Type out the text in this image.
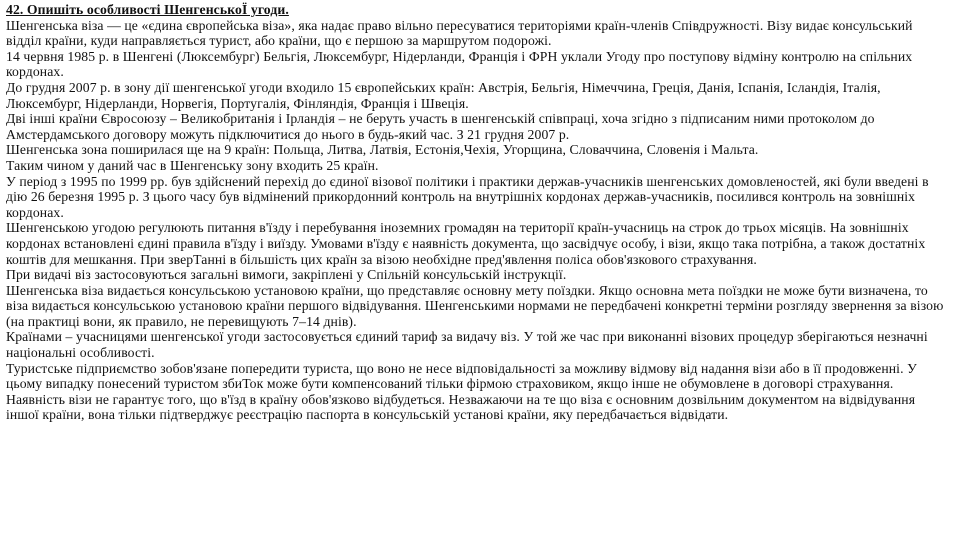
42. Опишіть особливості ШенгенськоЇ угоди.

Шенгенська віза — це «єдина європейська віза», яка надає право вільно пересуватися територіями країн-членів Співдружності. Візу видає консульський відділ країни, куди направляється турист, або країни, що є першою за маршрутом подорожі.

14 червня 1985 р. в Шенгені (Люксембург) Бельгія, Люксембург, Нідерланди, Франція і ФРН уклали Угоду про поступову відміну контролю на спільних кордонах.

До грудня 2007 р. в зону дії шенгенської угоди входило 15 європейських країн: Австрія, Бельгія, Німеччина, Греція, Данія, Іспанія, Ісландія, Італія, Люксембург, Нідерланди, Норвегія, Португалія, Фінляндія, Франція і Швеція.

Дві інші країни Євросоюзу – Великобританія і Ірландія – не беруть участь в шенгенській співпраці, хоча згідно з підписаним ними протоколом до Амстердамського договору можуть підключитися до нього в будь-який час. З 21 грудня 2007 р.

Шенгенська зона поширилася ще на 9 країн: Польща, Литва, Латвія, Естонія,Чехія, Угорщина, Словаччина, Словенія і Мальта.

Таким чином у даний час в Шенгенську зону входить 25 країн.

У період з 1995 по 1999 рр. був здійснений перехід до єдиної візової політики і практики держав-учасників шенгенських домовленостей, які були введені в дію 26 березня 1995 р. З цього часу був відмінений прикордонний контроль на внутрішніх кордонах держав-учасників, посилився контроль на зовнішніх кордонах.

Шенгенською угодою регулюють питання в'їзду і перебування іноземних громадян на території країн-учасниць на строк до трьох місяців. На зовнішніх кордонах встановлені єдині правила в'їзду і виїзду. Умовами в'їзду є наявність документа, що засвідчує особу, і візи, якщо така потрібна, а також достатніх коштів для мешкання. При зверТанні в більшість цих країн за візою необхідне пред'явлення поліса обов'язкового страхування.

При видачі віз застосовуються загальні вимоги, закріплені у Спільній консульській інструкції.

Шенгенська віза видається консульською установою країни, що представляє основну мету поїздки. Якщо основна мета поїздки не може бути визначена, то віза видається консульською установою країни першого відвідування. Шенгенськими нормами не передбачені конкретні терміни розгляду звернення за візою (на практиці вони, як правило, не перевищують 7–14 днів).

Країнами – учасницями шенгенської угоди застосовується єдиний тариф за видачу віз. У той же час при виконанні візових процедур зберігаються незначні національні особливості.

Туристське підприємство зобов'язане попередити туриста, що воно не несе відповідальності за можливу відмову від надання візи або в її продовженні. У цьому випадку понесений туристом збиТок може бути компенсований тільки фірмою страховиком, якщо інше не обумовлене в договорі страхування.

Наявність візи не гарантує того, що в'їзд в країну обов'язково відбудеться. Незважаючи на те що віза є основним дозвільним документом на відвідування іншої країни, вона тільки підтверджує реєстрацію паспорта в консульській установі країни, яку передбачається відвідати.
